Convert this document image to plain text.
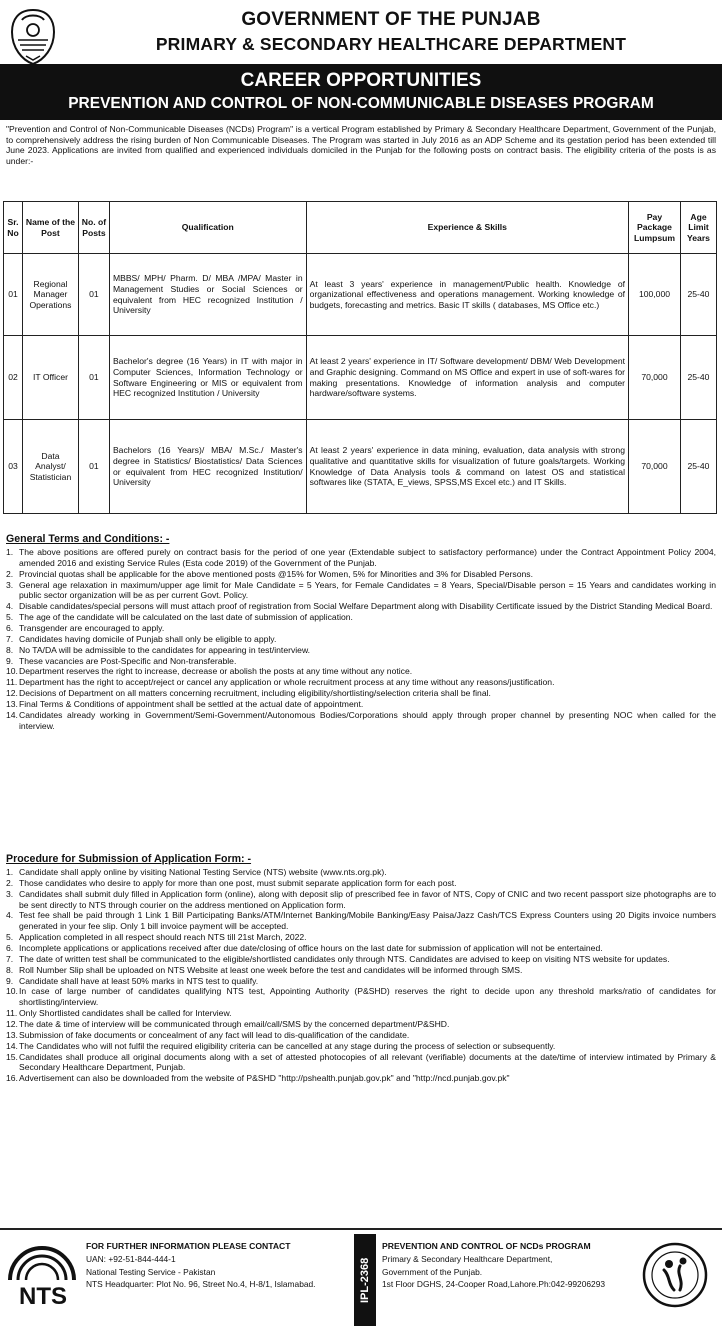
GOVERNMENT OF THE PUNJAB
PRIMARY & SECONDARY HEALTHCARE DEPARTMENT
CAREER OPPORTUNITIES
PREVENTION AND CONTROL OF NON-COMMUNICABLE DISEASES PROGRAM
"Prevention and Control of Non-Communicable Diseases (NCDs) Program" is a vertical Program established by Primary & Secondary Healthcare Department, Government of the Punjab, to comprehensively address the rising burden of Non Communicable Diseases. The Program was started in July 2016 as an ADP Scheme and its gestation period has been extended till June 2023. Applications are invited from qualified and experienced individuals domiciled in the Punjab for the following posts on contract basis. The eligibility criteria of the posts is as under:-
Sr. No	Name of the Post	No. of Posts	Qualification	Experience & Skills	Pay Package Lumpsum	Age Limit Years
01	Regional Manager Operations	01	MBBS/ MPH/ Pharm. D/ MBA /MPA/ Master in Management Studies or Social Sciences or equivalent from HEC recognized Institution / University	At least 3 years' experience in management/Public health. Knowledge of organizational effectiveness and operations management. Working knowledge of budgets, forecasting and metrics. Basic IT skills ( databases, MS Office etc.)	100,000	25-40
02	IT Officer	01	Bachelor's degree (16 Years) in IT with major in Computer Sciences, Information Technology or Software Engineering or MIS or equivalent from HEC recognized Institution / University	At least 2 years' experience in IT/ Software development/ DBM/ Web Development and Graphic designing. Command on MS Office and expert in use of soft-wares for making presentations. Knowledge of information analysis and computer hardware/software systems.	70,000	25-40
03	Data Analyst/ Statistician	01	Bachelors (16 Years)/ MBA/ M.Sc./ Master's degree in Statistics/ Biostatistics/ Data Sciences or equivalent from HEC recognized Institution/ University	At least 2 years' experience in data mining, evaluation, data analysis with strong qualitative and quantitative skills for visualization of future goals/targets. Working Knowledge of Data Analysis tools & command on latest OS and statistical softwares like (STATA, E_views, SPSS,MS Excel etc.) and IT Skills.	70,000	25-40
General Terms and Conditions: -
1. The above positions are offered purely on contract basis for the period of one year (Extendable subject to satisfactory performance) under the Contract Appointment Policy 2004, amended 2016 and existing Service Rules (Esta code 2019) of the Government of the Punjab.
2. Provincial quotas shall be applicable for the above mentioned posts @15% for Women, 5% for Minorities and 3% for Disabled Persons.
3. General age relaxation in maximum/upper age limit for Male Candidate = 5 Years, for Female Candidates = 8 Years, Special/Disable person = 15 Years and candidates working in public sector organization will be as per current Govt. Policy.
4. Disable candidates/special persons will must attach proof of registration from Social Welfare Department along with Disability Certificate issued by the District Standing Medical Board.
5. The age of the candidate will be calculated on the last date of submission of application.
6. Transgender are encouraged to apply.
7. Candidates having domicile of Punjab shall only be eligible to apply.
8. No TA/DA will be admissible to the candidates for appearing in test/interview.
9. These vacancies are Post-Specific and Non-transferable.
10. Department reserves the right to increase, decrease or abolish the posts at any time without any notice.
11. Department has the right to accept/reject or cancel any application or whole recruitment process at any time without any reasons/justification.
12. Decisions of Department on all matters concerning recruitment, including eligibility/shortlisting/selection criteria shall be final.
13. Final Terms & Conditions of appointment shall be settled at the actual date of appointment.
14. Candidates already working in Government/Semi-Government/Autonomous Bodies/Corporations should apply through proper channel by presenting NOC when called for the interview.
Procedure for Submission of Application Form: -
1. Candidate shall apply online by visiting National Testing Service (NTS) website (www.nts.org.pk).
2. Those candidates who desire to apply for more than one post, must submit separate application form for each post.
3. Candidates shall submit duly filled in Application form (online), along with deposit slip of prescribed fee in favor of NTS, Copy of CNIC and two recent passport size photographs are to be sent directly to NTS through courier on the address mentioned on Application form.
4. Test fee shall be paid through 1 Link 1 Bill Participating Banks/ATM/Internet Banking/Mobile Banking/Easy Paisa/Jazz Cash/TCS Express Counters using 20 Digits invoice numbers generated in your fee slip. Only 1 bill invoice payment will be accepted.
5. Application completed in all respect should reach NTS till 21st March, 2022.
6. Incomplete applications or applications received after due date/closing of office hours on the last date for submission of application will not be entertained.
7. The date of written test shall be communicated to the eligible/shortlisted candidates only through NTS. Candidates are advised to keep on visiting NTS website for updates.
8. Roll Number Slip shall be uploaded on NTS Website at least one week before the test and candidates will be informed through SMS.
9. Candidate shall have at least 50% marks in NTS test to qualify.
10. In case of large number of candidates qualifying NTS test, Appointing Authority (P&SHD) reserves the right to decide upon any threshold marks/ratio of candidates for shortlisting/interview.
11. Only Shortlisted candidates shall be called for Interview.
12. The date & time of interview will be communicated through email/call/SMS by the concerned department/P&SHD.
13. Submission of fake documents or concealment of any fact will lead to dis-qualification of the candidate.
14. The Candidates who will not fulfil the required eligibility criteria can be cancelled at any stage during the process of selection or subsequently.
15. Candidates shall produce all original documents along with a set of attested photocopies of all relevant (verifiable) documents at the date/time of interview intimated by Primary & Secondary Healthcare Department, Punjab.
16. Advertisement can also be downloaded from the website of P&SHD "http://pshealth.punjab.gov.pk" and "http://ncd.punjab.gov.pk"
NTS
FOR FURTHER INFORMATION PLEASE CONTACT
UAN: +92-51-844-444-1
National Testing Service - Pakistan
NTS Headquarter: Plot No. 96, Street No.4, H-8/1, Islamabad.	IPL-2368
PREVENTION AND CONTROL OF NCDs PROGRAM
Primary & Secondary Healthcare Department,
Government of the Punjab.
1st Floor DGHS, 24-Cooper Road,Lahore.Ph:042-99206293
